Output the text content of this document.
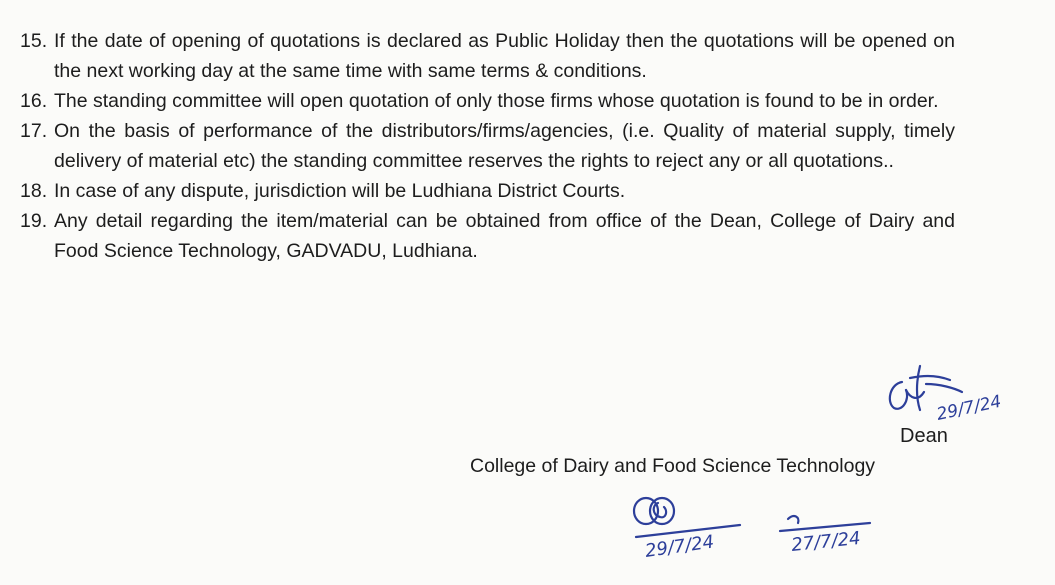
15. If the date of opening of quotations is declared as Public Holiday then the quotations will be opened on the next working day at the same time with same terms & conditions.
16. The standing committee will open quotation of only those firms whose quotation is found to be in order.
17. On the basis of performance of the distributors/firms/agencies, (i.e. Quality of material supply, timely delivery of material etc) the standing committee reserves the rights to reject any or all quotations..
18. In case of any dispute, jurisdiction will be Ludhiana District Courts.
19. Any detail regarding the item/material can be obtained from office of the Dean, College of Dairy and Food Science Technology, GADVADU, Ludhiana.
29/7/24
Dean
College of Dairy and Food Science Technology
29/7/24	27/7/24
